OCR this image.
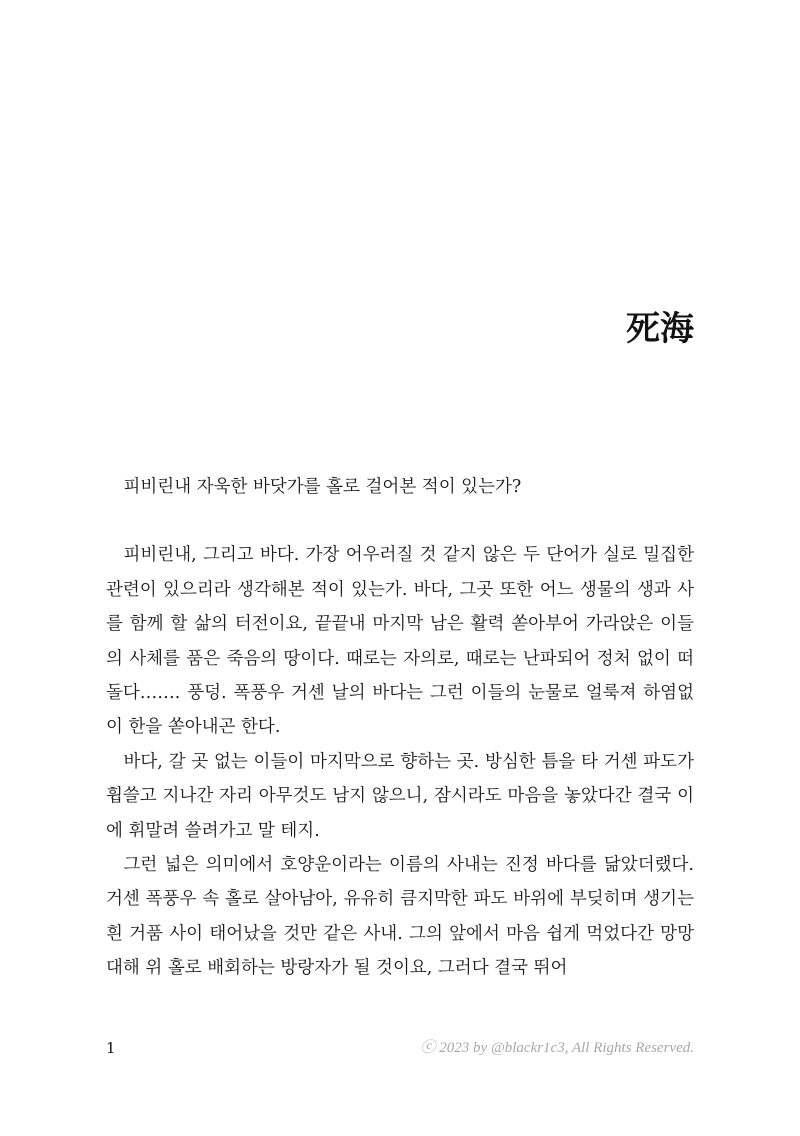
死海

피비린내 자욱한 바닷가를 홀로 걸어본 적이 있는가?

피비린내, 그리고 바다. 가장 어우러질 것 같지 않은 두 단어가 실로 밀집한 관련이 있으리라 생각해본 적이 있는가. 바다, 그곳 또한 어느 생물의 생과 사를 함께 할 삶의 터전이요, 끝끝내 마지막 남은 활력 쏟아부어 가라앉은 이들의 사체를 품은 죽음의 땅이다. 때로는 자의로, 때로는 난파되어 정처 없이 떠돌다……. 풍덩. 폭풍우 거센 날의 바다는 그런 이들의 눈물로 얼룩져 하염없이 한을 쏟아내곤 한다.

바다, 갈 곳 없는 이들이 마지막으로 향하는 곳. 방심한 틈을 타 거센 파도가 휩쓸고 지나간 자리 아무것도 남지 않으니, 잠시라도 마음을 놓았다간 결국 이에 휘말려 쓸려가고 말 테지.

그런 넓은 의미에서 호양운이라는 이름의 사내는 진정 바다를 닮았더랬다. 거센 폭풍우 속 홀로 살아남아, 유유히 큼지막한 파도 바위에 부딪히며 생기는 흰 거품 사이 태어났을 것만 같은 사내. 그의 앞에서 마음 쉽게 먹었다간 망망대해 위 홀로 배회하는 방랑자가 될 것이요, 그러다 결국 뛰어

1	ⓒ 2023 by @blackr1c3, All Rights Reserved.
